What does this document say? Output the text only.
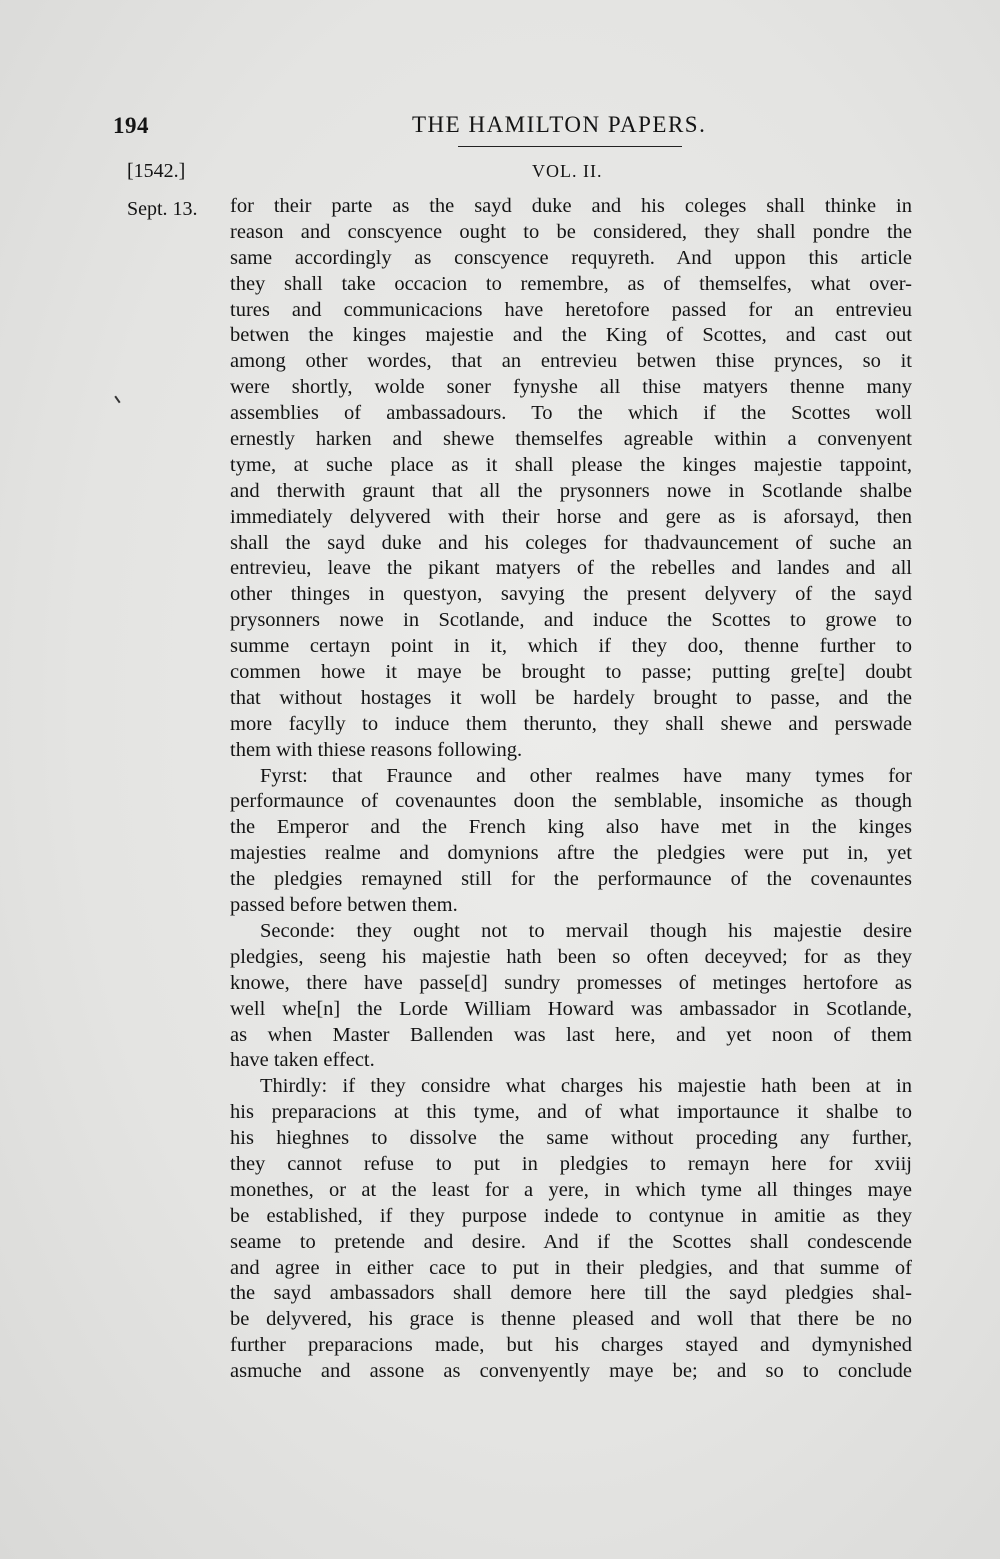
194	THE HAMILTON PAPERS.
[1542.]	VOL. II.
Sept. 13. for their parte as the sayd duke and his coleges shall thinke in
reason and conscyence ought to be considered, they shall pondre the
same accordingly as conscyence requyreth. And uppon this article
they shall take occacion to remembre, as of themselfes, what over-
tures and communicacions have heretofore passed for an entrevieu
betwen the kinges majestie and the King of Scottes, and cast out
among other wordes, that an entrevieu betwen thise prynces, so it
were shortly, wolde soner fynyshe all thise matyers thenne many
assemblies of ambassadours. To the which if the Scottes woll
ernestly harken and shewe themselfes agreable within a convenyent
tyme, at suche place as it shall please the kinges majestie tappoint,
and therwith graunt that all the prysonners nowe in Scotlande shalbe
immediately delyvered with their horse and gere as is aforsayd, then
shall the sayd duke and his coleges for thadvauncement of suche an
entrevieu, leave the pikant matyers of the rebelles and landes and all
other thinges in questyon, savying the present delyvery of the sayd
prysonners nowe in Scotlande, and induce the Scottes to growe to
summe certayn point in it, which if they doo, thenne further to
commen howe it maye be brought to passe; putting gre[te] doubt
that without hostages it woll be hardely brought to passe, and the
more facylly to induce them therunto, they shall shewe and perswade
them with thiese reasons following.
Fyrst: that Fraunce and other realmes have many tymes for
performaunce of covenauntes doon the semblable, insomiche as though
the Emperor and the French king also have met in the kinges
majesties realme and domynions aftre the pledgies were put in, yet
the pledgies remayned still for the performaunce of the covenauntes
passed before betwen them.
Seconde: they ought not to mervail though his majestie desire
pledgies, seeng his majestie hath been so often deceyved; for as they
knowe, there have passe[d] sundry promesses of metinges hertofore as
well whe[n] the Lorde William Howard was ambassador in Scotlande,
as when Master Ballenden was last here, and yet noon of them
have taken effect.
Thirdly: if they considre what charges his majestie hath been at in
his preparacions at this tyme, and of what importaunce it shalbe to
his hieghnes to dissolve the same without proceding any further,
they cannot refuse to put in pledgies to remayn here for xviij
monethes, or at the least for a yere, in which tyme all thinges maye
be established, if they purpose indede to contynue in amitie as they
seame to pretende and desire. And if the Scottes shall condescende
and agree in either cace to put in their pledgies, and that summe of
the sayd ambassadors shall demore here till the sayd pledgies shal-
be delyvered, his grace is thenne pleased and woll that there be no
further preparacions made, but his charges stayed and dymynished
asmuche and assone as convenyently maye be; and so to conclude
